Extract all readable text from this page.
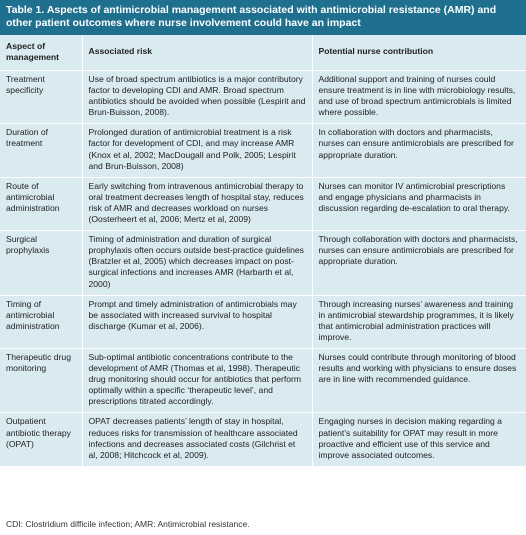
Table 1. Aspects of antimicrobial management associated with antimicrobial resistance (AMR) and other patient outcomes where nurse involvement could have an impact
Aspect of management	Associated risk	Potential nurse contribution
Treatment specificity	Use of broad spectrum antibiotics is a major contributory factor to developing CDI and AMR. Broad spectrum antibiotics should be avoided when possible (Lespirit and Brun-Buisson, 2008).	Additional support and training of nurses could ensure treatment is in line with microbiology results, and use of broad spectrum antimicrobials is limited where possible.
Duration of treatment	Prolonged duration of antimicrobial treatment is a risk factor for development of CDI, and may increase AMR (Knox et al, 2002; MacDougall and Polk, 2005; Lespirit and Brun-Buisson, 2008)	In collaboration with doctors and pharmacists, nurses can ensure antimicrobials are prescribed for appropriate duration.
Route of antimicrobial administration	Early switching from intravenous antimicrobial therapy to oral treatment decreases length of hospital stay, reduces risk of AMR and decreases workload on nurses (Oosterheert et al, 2006; Mertz et al, 2009)	Nurses can monitor IV antimicrobial prescriptions and engage physicians and pharmacists in discussion regarding de-escalation to oral therapy.
Surgical prophylaxis	Timing of administration and duration of surgical prophylaxis often occurs outside best-practice guidelines (Bratzler et al, 2005) which decreases impact on post-surgical infections and increases AMR (Harbarth et al, 2000)	Through collaboration with doctors and pharmacists, nurses can ensure antimicrobials are prescribed for appropriate duration.
Timing of antimicrobial administration	Prompt and timely administration of antimicrobials may be associated with increased survival to hospital discharge (Kumar et al, 2006).	Through increasing nurses’ awareness and training in antimicrobial stewardship programmes, it is likely that antimicrobial administration practices will improve.
Therapeutic drug monitoring	Sub-optimal antibiotic concentrations contribute to the development of AMR (Thomas et al, 1998). Therapeutic drug monitoring should occur for antibiotics that perform optimally within a specific ‘therapeutic level’, and prescriptions titrated accordingly.	Nurses could contribute through monitoring of blood results and working with physicians to ensure doses are in line with recommended guidance.
Outpatient antibiotic therapy (OPAT)	OPAT decreases patients’ length of stay in hospital, reduces risks for transmission of healthcare associated infections and decreases associated costs (Gilchrist et al, 2008; Hitchcock et al, 2009).	Engaging nurses in decision making regarding a patient’s suitability for OPAT may result in more proactive and efficient use of this service and improve associated outcomes.
CDI: Clostridium difficile infection; AMR: Antimicrobial resistance.
